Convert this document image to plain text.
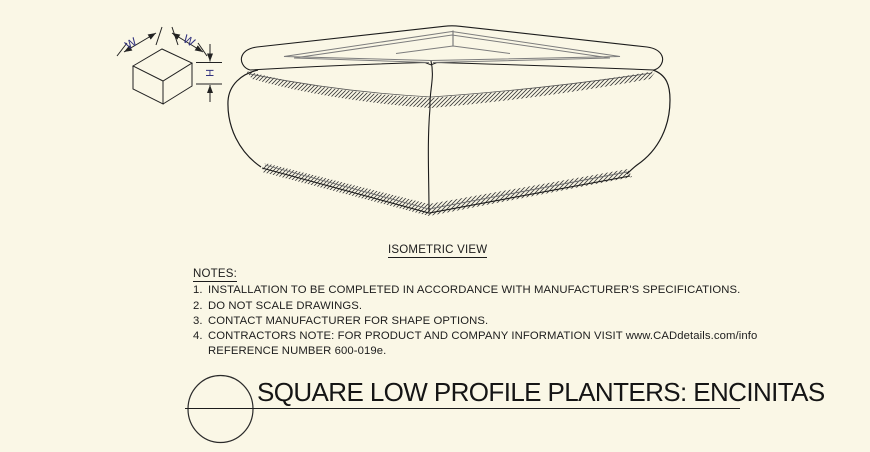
W	W
H
ISOMETRIC VIEW
NOTES:
1. INSTALLATION TO BE COMPLETED IN ACCORDANCE WITH MANUFACTURER'S SPECIFICATIONS.
2. DO NOT SCALE DRAWINGS.
3. CONTACT MANUFACTURER FOR SHAPE OPTIONS.
4. CONTRACTORS NOTE: FOR PRODUCT AND COMPANY INFORMATION VISIT www.CADdetails.com/info
REFERENCE NUMBER 600-019e.
SQUARE LOW PROFILE PLANTERS: ENCINITAS
